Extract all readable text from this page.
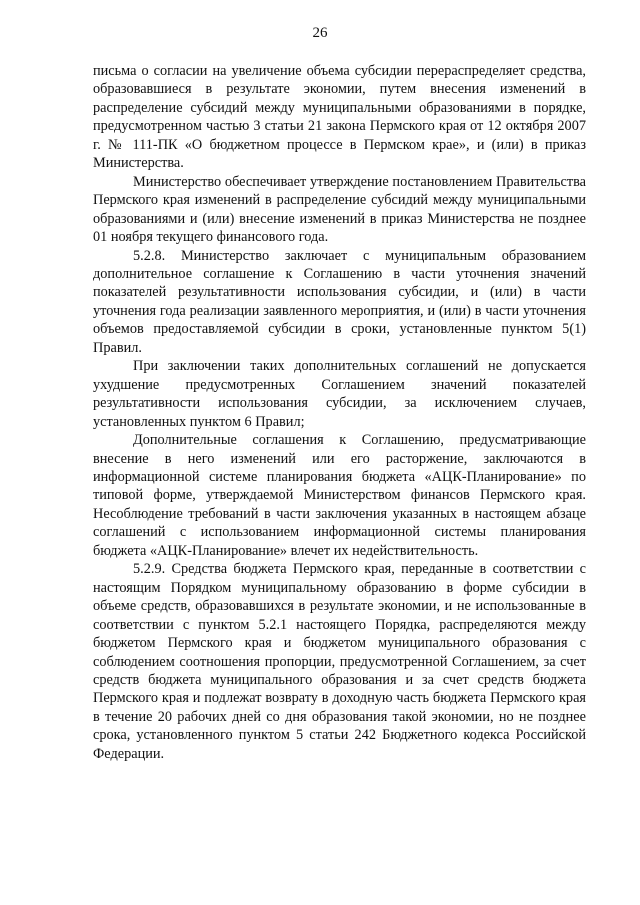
26

письма о согласии на увеличение объема субсидии перераспределяет средства, образовавшиеся в результате экономии, путем внесения изменений в распределение субсидий между муниципальными образованиями в порядке, предусмотренном частью 3 статьи 21 закона Пермского края от 12 октября 2007 г. № 111-ПК «О бюджетном процессе в Пермском крае», и (или) в приказ Министерства.

Министерство обеспечивает утверждение постановлением Правительства Пермского края изменений в распределение субсидий между муниципальными образованиями и (или) внесение изменений в приказ Министерства не позднее 01 ноября текущего финансового года.

5.2.8. Министерство заключает с муниципальным образованием дополнительное соглашение к Соглашению в части уточнения значений показателей результативности использования субсидии, и (или) в части уточнения года реализации заявленного мероприятия, и (или) в части уточнения объемов предоставляемой субсидии в сроки, установленные пунктом 5(1) Правил.

При заключении таких дополнительных соглашений не допускается ухудшение предусмотренных Соглашением значений показателей результативности использования субсидии, за исключением случаев, установленных пунктом 6 Правил;

Дополнительные соглашения к Соглашению, предусматривающие внесение в него изменений или его расторжение, заключаются в информационной системе планирования бюджета «АЦК-Планирование» по типовой форме, утверждаемой Министерством финансов Пермского края. Несоблюдение требований в части заключения указанных в настоящем абзаце соглашений с использованием информационной системы планирования бюджета «АЦК-Планирование» влечет их недействительность.

5.2.9. Средства бюджета Пермского края, переданные в соответствии с настоящим Порядком муниципальному образованию в форме субсидии в объеме средств, образовавшихся в результате экономии, и не использованные в соответствии с пунктом 5.2.1 настоящего Порядка, распределяются между бюджетом Пермского края и бюджетом муниципального образования с соблюдением соотношения пропорции, предусмотренной Соглашением, за счет средств бюджета муниципального образования и за счет средств бюджета Пермского края и подлежат возврату в доходную часть бюджета Пермского края в течение 20 рабочих дней со дня образования такой экономии, но не позднее срока, установленного пунктом 5 статьи 242 Бюджетного кодекса Российской Федерации.
